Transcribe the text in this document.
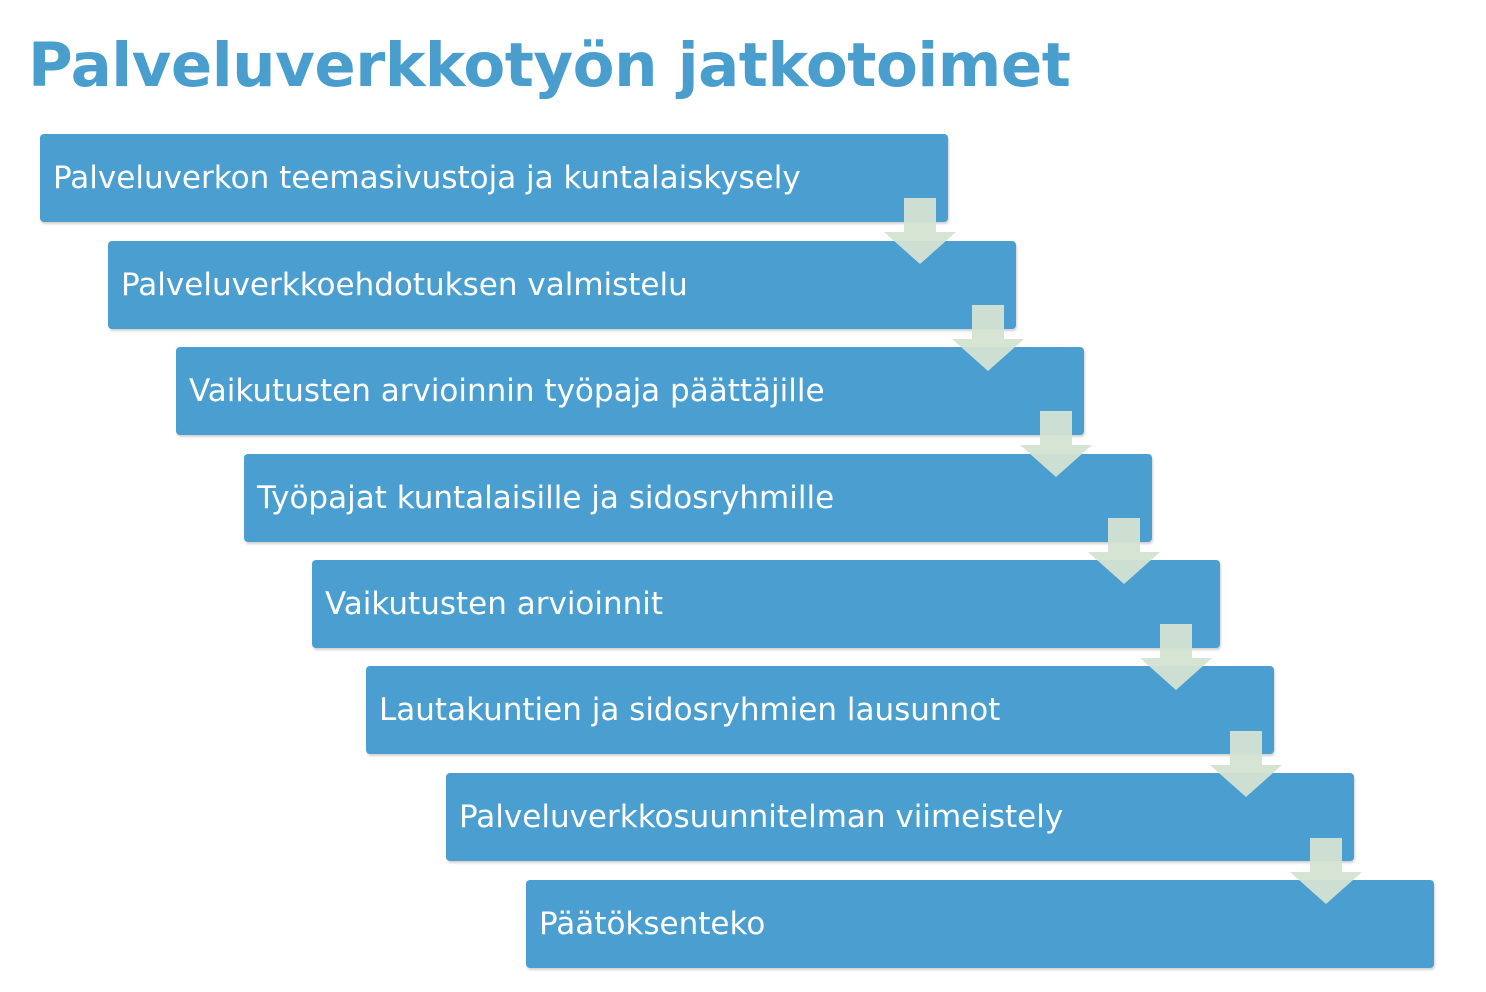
Palveluverkkotyön jatkotoimet
Palveluverkon teemasivustoja ja kuntalaiskysely
Palveluverkkoehdotuksen valmistelu
Vaikutusten arvioinnin työpaja päättäjille
Työpajat kuntalaisille ja sidosryhmille
Vaikutusten arvioinnit
Lautakuntien ja sidosryhmien lausunnot
Palveluverkkosuunnitelman viimeistely
Päätöksenteko
